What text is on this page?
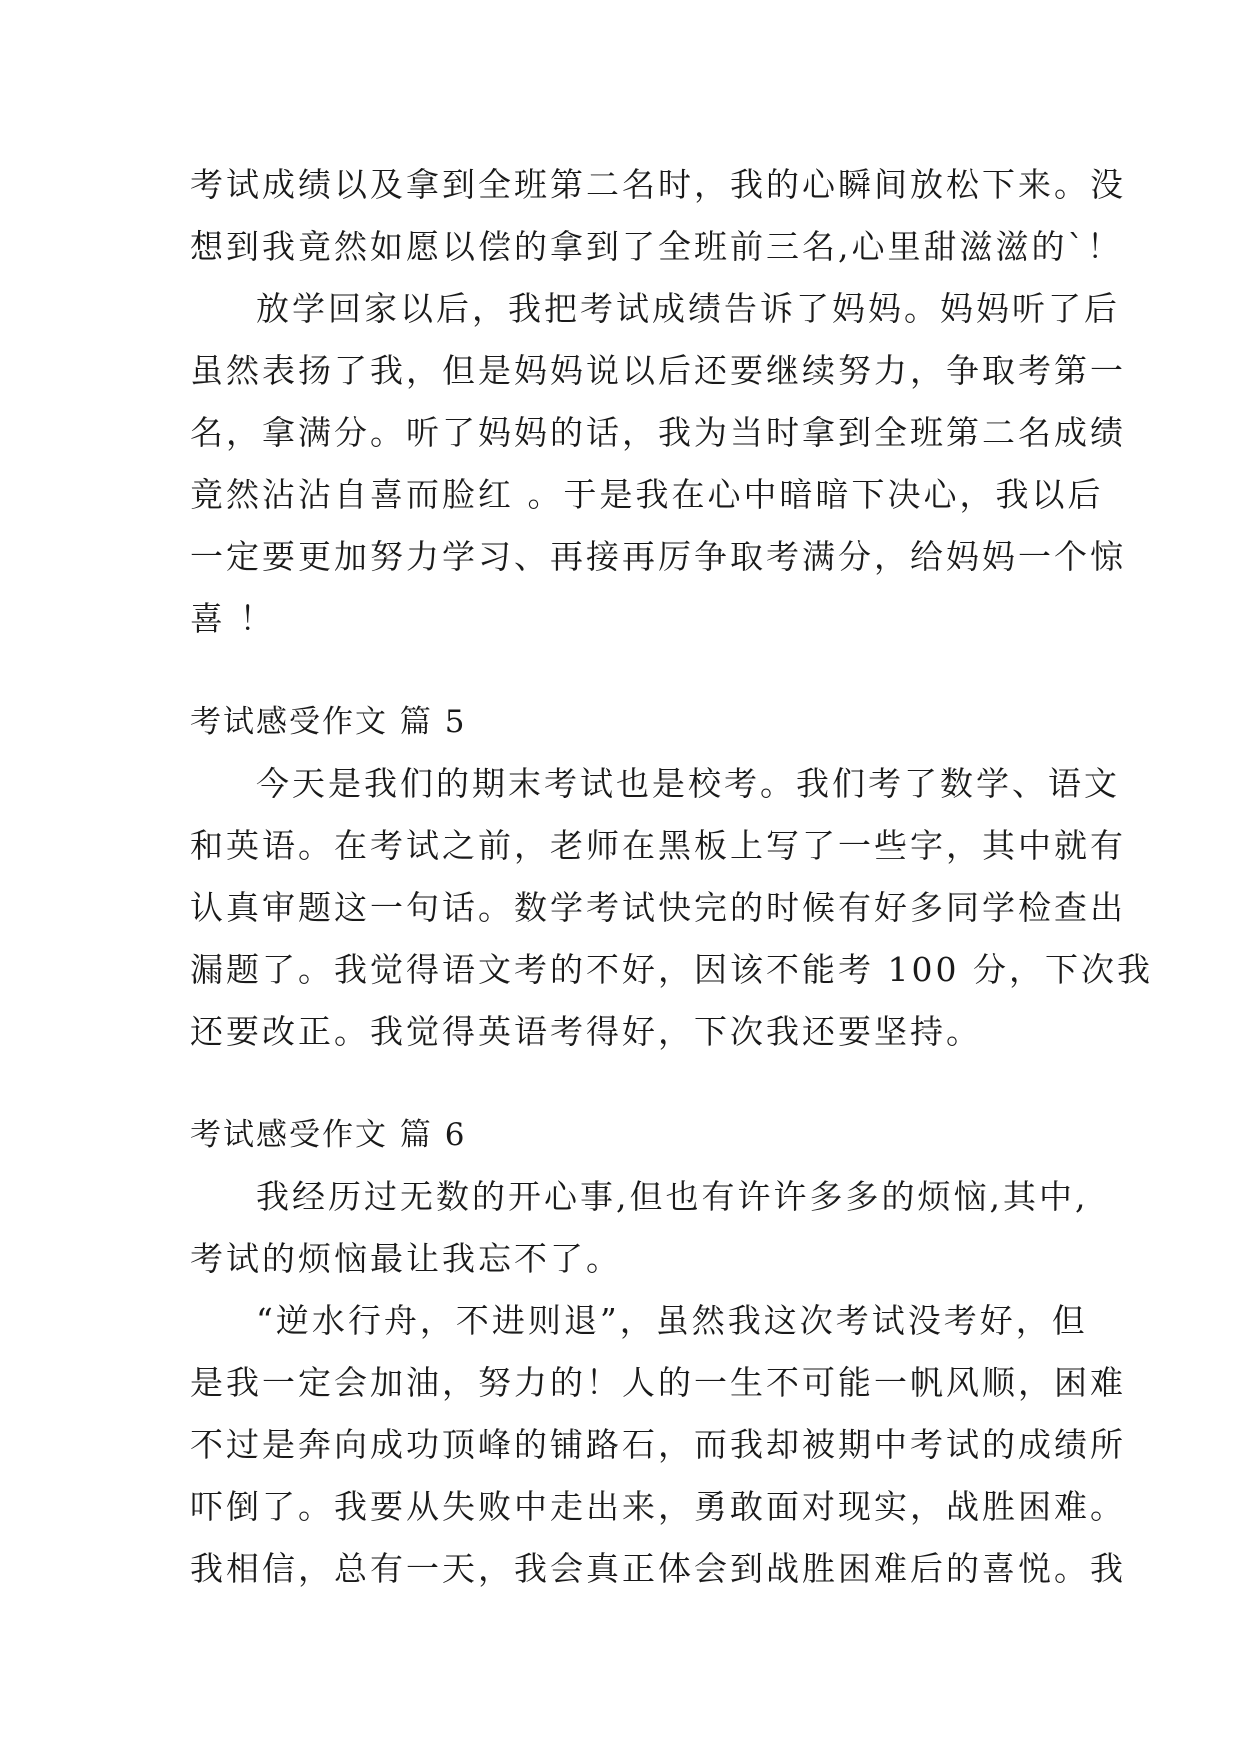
考试成绩以及拿到全班第二名时，我的心瞬间放松下来。没
想到我竟然如愿以偿的拿到了全班前三名,心里甜滋滋的`！
放学回家以后，我把考试成绩告诉了妈妈。妈妈听了后
虽然表扬了我，但是妈妈说以后还要继续努力，争取考第一
名，拿满分。听了妈妈的话，我为当时拿到全班第二名成绩
竟然沾沾自喜而脸红 。于是我在心中暗暗下决心，我以后
一定要更加努力学习、再接再厉争取考满分，给妈妈一个惊
喜 ！
考试感受作文 篇 5
今天是我们的期末考试也是校考。我们考了数学、语文
和英语。在考试之前，老师在黑板上写了一些字，其中就有
认真审题这一句话。数学考试快完的时候有好多同学检查出
漏题了。我觉得语文考的不好，因该不能考 100 分，下次我
还要改正。我觉得英语考得好，下次我还要坚持。
考试感受作文 篇 6
我经历过无数的开心事,但也有许许多多的烦恼,其中,
考试的烦恼最让我忘不了。
“逆水行舟，不进则退”，虽然我这次考试没考好，但
是我一定会加油，努力的！人的一生不可能一帆风顺，困难
不过是奔向成功顶峰的铺路石，而我却被期中考试的成绩所
吓倒了。我要从失败中走出来，勇敢面对现实，战胜困难。
我相信，总有一天，我会真正体会到战胜困难后的喜悦。我
